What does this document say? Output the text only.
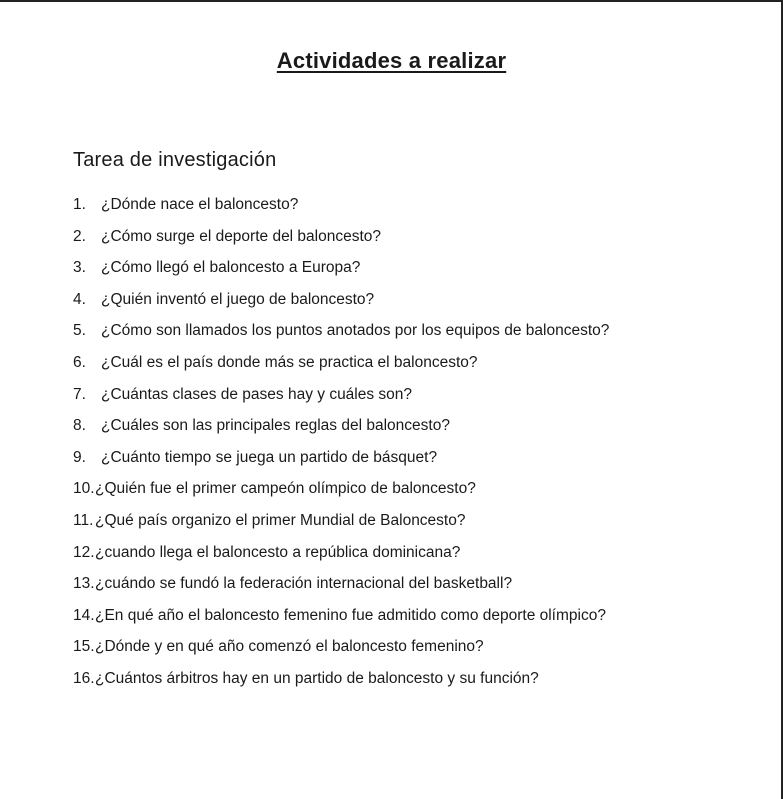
Actividades a realizar
Tarea de investigación
1. ¿Dónde nace el baloncesto?
2. ¿Cómo surge el deporte del baloncesto?
3. ¿Cómo llegó el baloncesto a Europa?
4. ¿Quién inventó el juego de baloncesto?
5. ¿Cómo son llamados los puntos anotados por los equipos de baloncesto?
6. ¿Cuál es el país donde más se practica el baloncesto?
7. ¿Cuántas clases de pases hay y cuáles son?
8. ¿Cuáles son las principales reglas del baloncesto?
9. ¿Cuánto tiempo se juega un partido de básquet?
10. ¿Quién fue el primer campeón olímpico de baloncesto?
11. ¿Qué país organizo el primer Mundial de Baloncesto?
12. ¿cuando llega el baloncesto a república dominicana?
13. ¿cuándo se fundó la federación internacional del basketball?
14. ¿En qué año el baloncesto femenino fue admitido como deporte olímpico?
15. ¿Dónde y en qué año comenzó el baloncesto femenino?
16. ¿Cuántos árbitros hay en un partido de baloncesto y su función?
